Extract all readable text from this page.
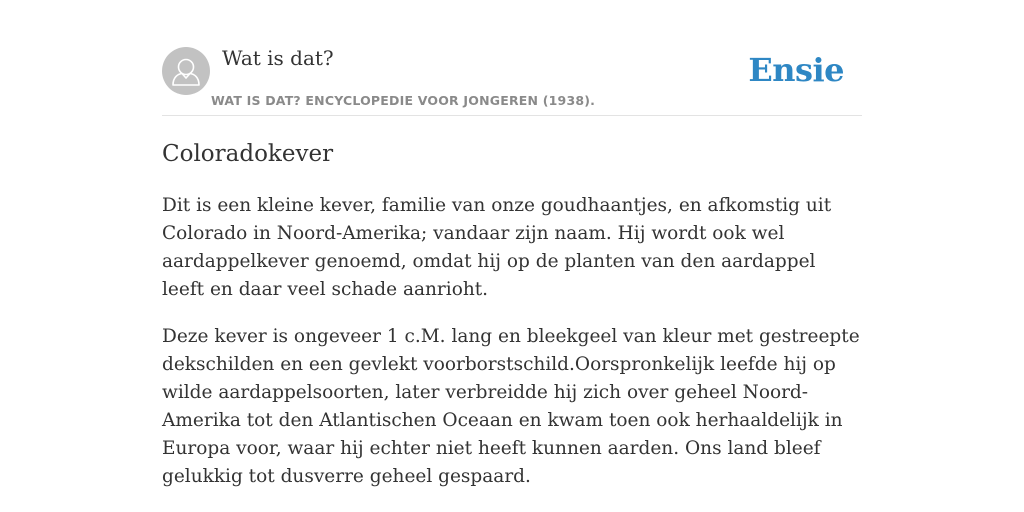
Wat is dat?
WAT IS DAT? ENCYCLOPEDIE VOOR JONGEREN (1938).
Ensie
Coloradokever

Dit is een kleine kever, familie van onze goudhaantjes, en afkomstig uit Colorado in Noord-Amerika; vandaar zijn naam. Hij wordt ook wel aardappelkever genoemd, omdat hij op de planten van den aardappel leeft en daar veel schade aanrioht.

Deze kever is ongeveer 1 c.M. lang en bleekgeel van kleur met gestreepte dekschilden en een gevlekt voorborstschild.Oorspronkelijk leefde hij op wilde aardappelsoorten, later verbreidde hij zich over geheel Noord-Amerika tot den Atlantischen Oceaan en kwam toen ook herhaaldelijk in Europa voor, waar hij echter niet heeft kunnen aarden. Ons land bleef gelukkig tot dusverre geheel gespaard.
